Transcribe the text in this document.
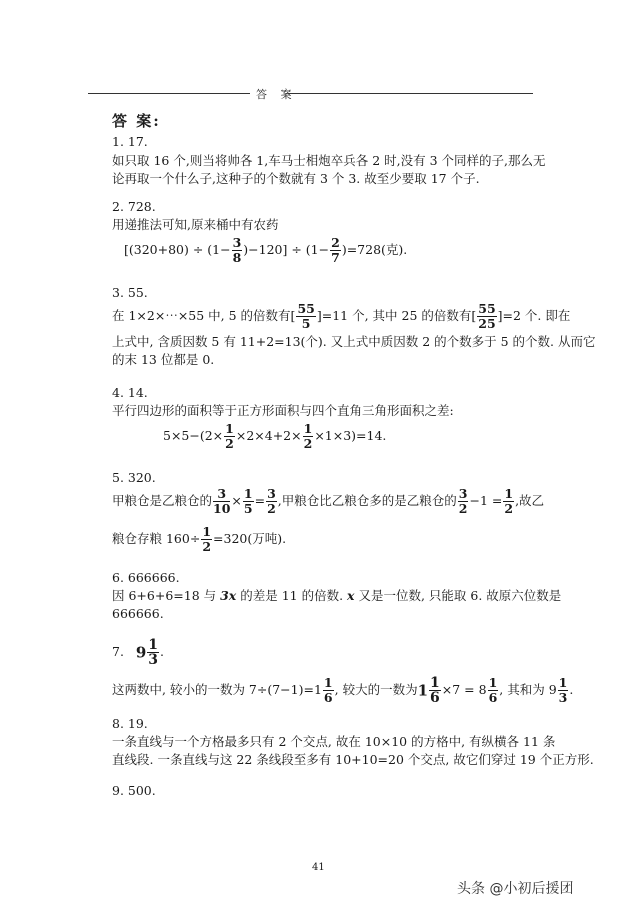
答 案
答 案:
1. 17.
如只取 16 个,则当将帅各 1,车马士相炮卒兵各 2 时,没有 3 个同样的子,那么无
论再取一个什么子,这种子的个数就有 3 个 3. 故至少要取 17 个子.
2. 728.
用递推法可知,原来桶中有农药
$[(320+80) \div (1- \frac{3}{8} )-120] \div (1- \frac{2}{7} )=728$(克).
3. 55.
在 1×2×⋯×55 中, 5 的倍数有[ $\frac{55}{5} ]=11$ 个, 其中 25 的倍数有[ $\frac{55}{25} ]=2$ 个. 即在
上式中, 含质因数 5 有 11+2=13(个). 又上式中质因数 2 的个数多于 5 的个数. 从而它
的末 13 位都是 0.
4. 14.
平行四边形的面积等于正方形面积与四个直角三角形面积之差:
$5\times 5-(2\times \frac{1}{2} \times 2\times 4+2\times \frac{1}{2} \times 1\times 3)=14$.
5. 320.
甲粮仓是乙粮仓的 $\frac{3}{10} \times \frac{1}{5} = \frac{3}{2}$ ,甲粮仓比乙粮仓多的是乙粮仓的 $\frac{3}{2} -1 = \frac{1}{2}$ ,故乙
粮仓存粮 $160\div \frac{1}{2} =320$(万吨).
6. 666666.
因 6+6+6=18 与 3x 的差是 11 的倍数. x 又是一位数, 只能取 6. 故原六位数是
666666.
7.   $9 \frac{1}{3}$ .
这两数中, 较小的一数为 $7\div(7-1)=1 \frac{1}{6}$ , 较大的一数为$1 \frac{1}{6} \times 7 = 8 \frac{1}{6}$ , 其和为 $9 \frac{1}{3}$ .
8. 19.
一条直线与一个方格最多只有 2 个交点, 故在 10×10 的方格中, 有纵横各 11 条
直线段. 一条直线与这 22 条线段至多有 10+10=20 个交点, 故它们穿过 19 个正方形.
9. 500.
41
头条 @小初后援团
